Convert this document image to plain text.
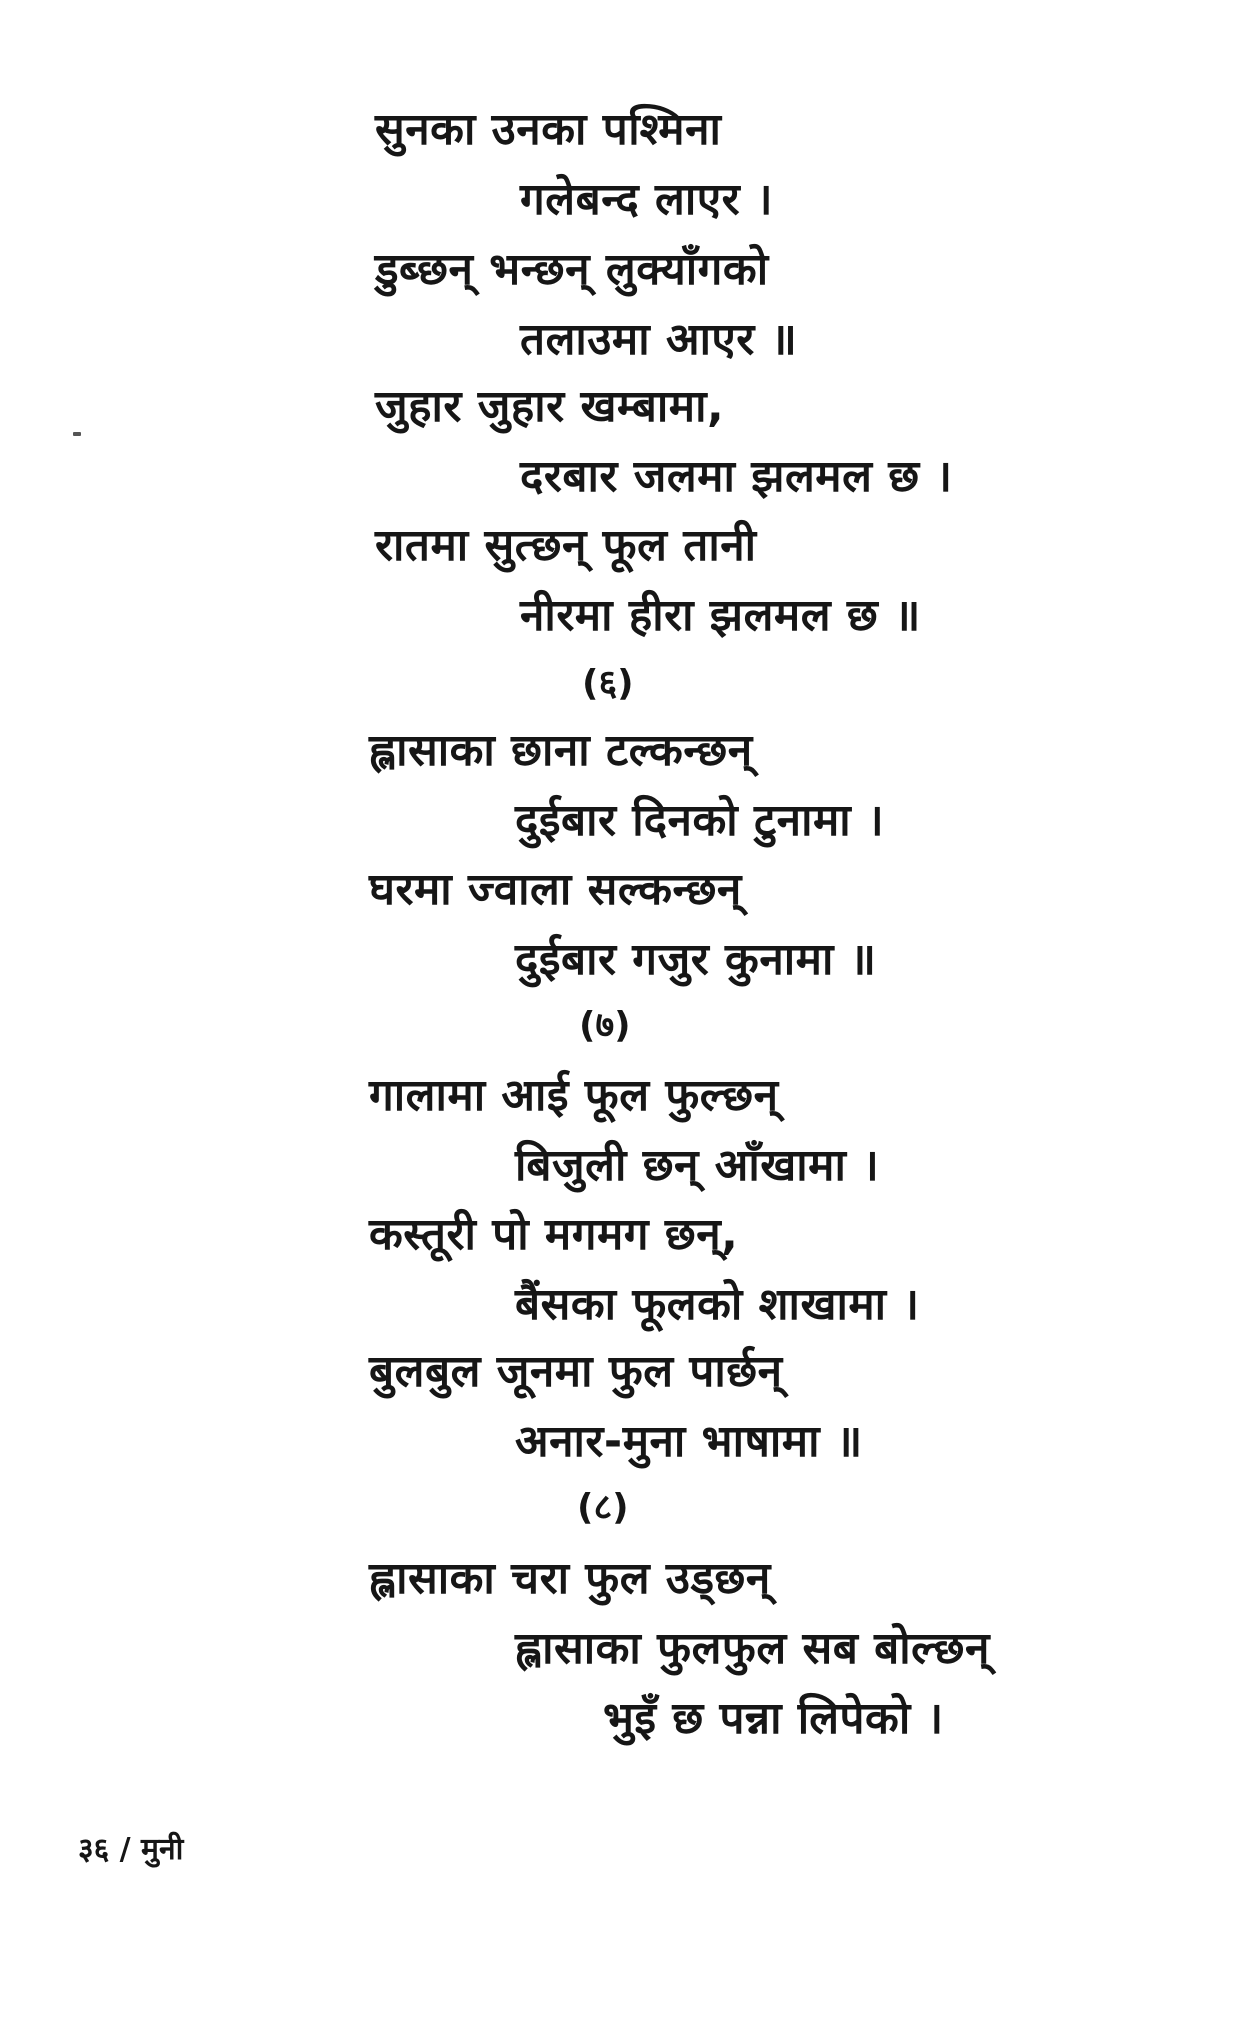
सुनका उनका पश्मिना
गलेबन्द लाएर ।
डुब्छन् भन्छन् लुक्याँगको
तलाउमा आएर ॥
जुहार जुहार खम्बामा,
दरबार जलमा झलमल छ ।
रातमा सुत्छन् फूल तानी
नीरमा हीरा झलमल छ ॥
(६)
ह्लासाका छाना टल्कन्छन्
दुईबार दिनको टुनामा ।
घरमा ज्वाला सल्कन्छन्
दुईबार गजुर कुनामा ॥
(७)
गालामा आई फूल फुल्छन्
बिजुली छन् आँखामा ।
कस्तूरी पो मगमग छन्,
बैंसका फूलको शाखामा ।
बुलबुल जूनमा फुल पार्छन्
अनार-मुना भाषामा ॥
(८)
ह्लासाका चरा फुल उड्छन्
ह्लासाका फुलफुल सब बोल्छन्
भुइँ छ पन्ना लिपेको ।
३६ / मुनी
